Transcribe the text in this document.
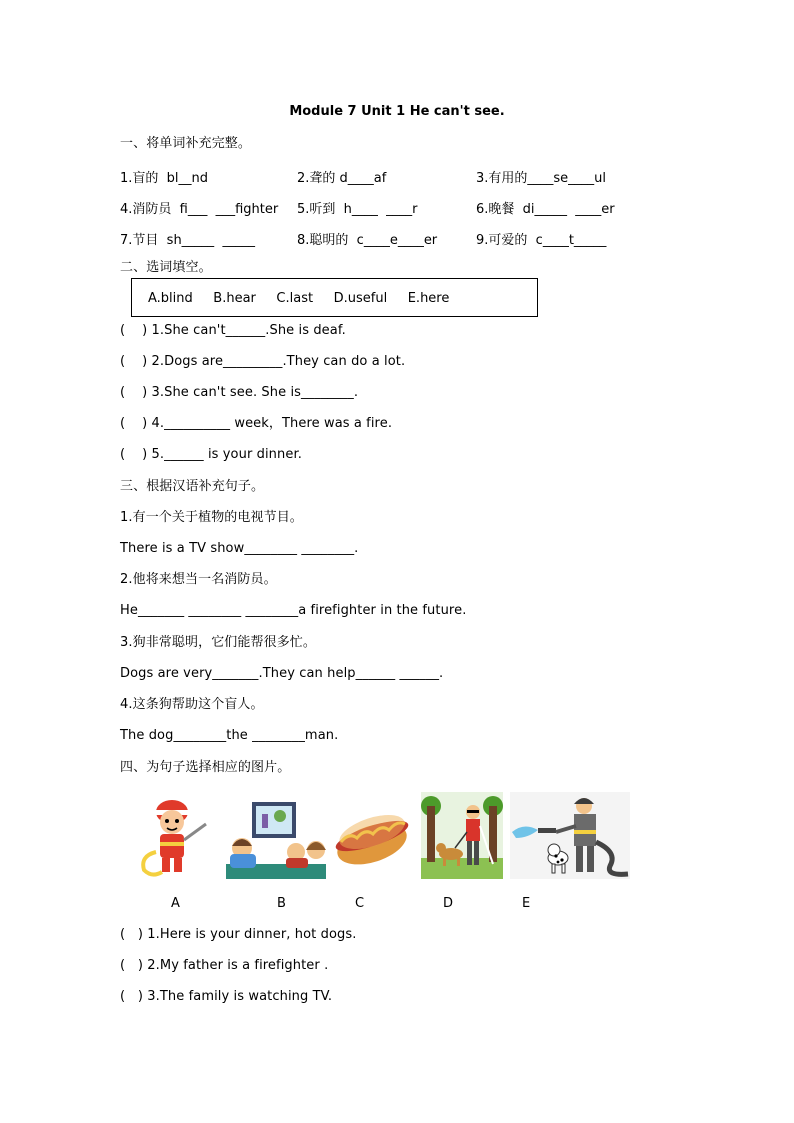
Module 7 Unit 1 He can't see.
一、将单词补充完整。
1.盲的  bl__nd	2.聋的 d____af	3.有用的____se____ul
4.消防员  fi___  ___fighter 5.听到  h____  ____r	6.晚餐  di_____  ____er
7.节目  sh_____  _____	8.聪明的  c____e____er	9.可爱的  c____t_____
二、选词填空。
A.blind    B.hear    C.last    D.useful    E.here
(    ) 1.She can't______.She is deaf.
(    ) 2.Dogs are_________.They can do a lot.
(    ) 3.She can't see. She is________.
(    ) 4.__________ week，There was a fire.
(    ) 5.______ is your dinner.
三、根据汉语补充句子。
1.有一个关于植物的电视节目。
There is a TV show________ ________.
2.他将来想当一名消防员。
He_______ ________ ________a firefighter in the future.
3.狗非常聪明，它们能帮很多忙。
Dogs are very_______.They can help______ ______.
4.这条狗帮助这个盲人。
The dog________the ________man.
四、为句子选择相应的图片。
A	B	C	D	E
(   ) 1.Here is your dinner, hot dogs.
(   ) 2.My father is a firefighter .
(   ) 3.The family is watching TV.
